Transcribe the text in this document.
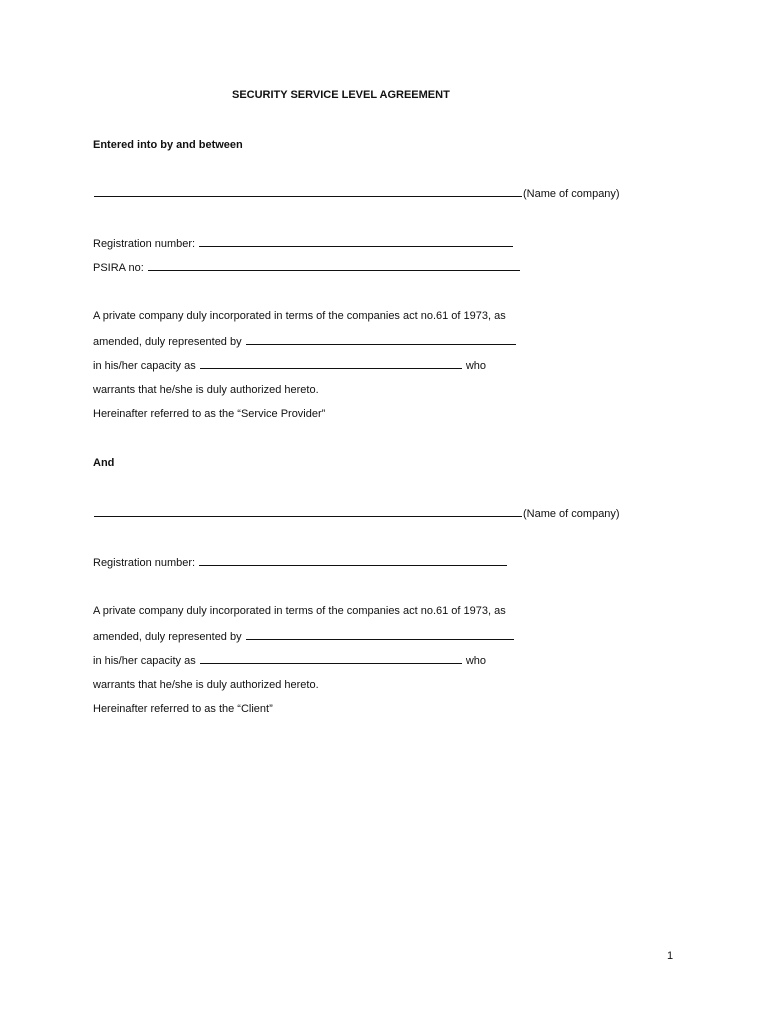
SECURITY SERVICE LEVEL AGREEMENT
Entered into by and between
(Name of company)
Registration number:
PSIRA no:
A private company duly incorporated in terms of the companies act no.61 of 1973, as
amended, duly represented by
in his/her capacity as	who
warrants that he/she is duly authorized hereto.
Hereinafter referred to as the “Service Provider”
And
(Name of company)
Registration number:
A private company duly incorporated in terms of the companies act no.61 of 1973, as
amended, duly represented by
in his/her capacity as	who
warrants that he/she is duly authorized hereto.
Hereinafter referred to as the “Client”
1
